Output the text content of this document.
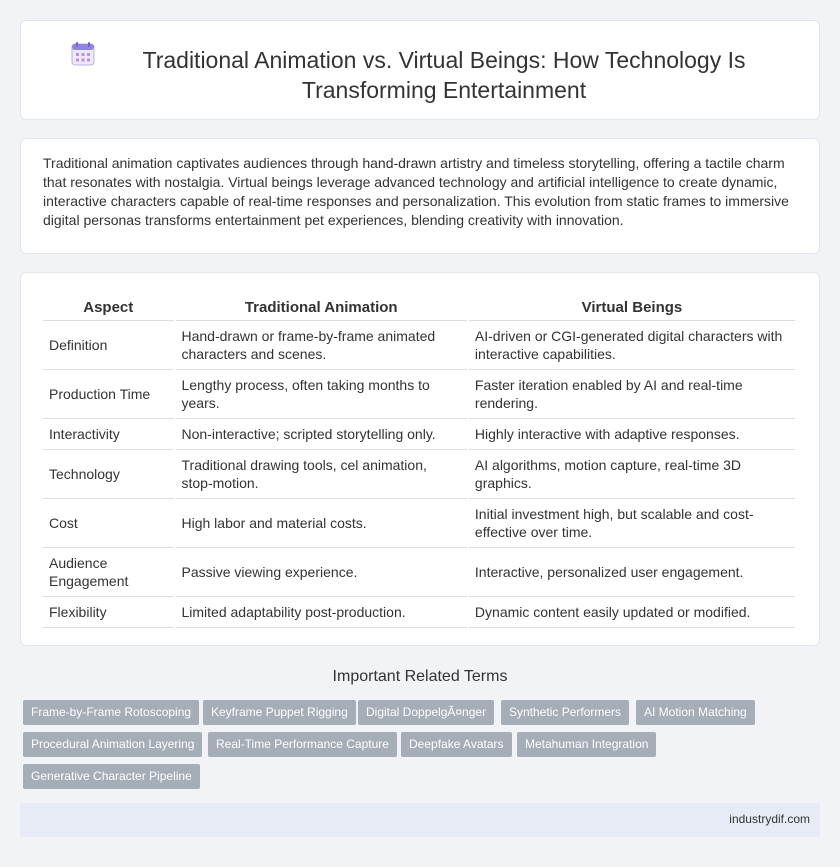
Traditional Animation vs. Virtual Beings: How Technology Is Transforming Entertainment

Traditional animation captivates audiences through hand-drawn artistry and timeless storytelling, offering a tactile charm that resonates with nostalgia. Virtual beings leverage advanced technology and artificial intelligence to create dynamic, interactive characters capable of real-time responses and personalization. This evolution from static frames to immersive digital personas transforms entertainment pet experiences, blending creativity with innovation.

Aspect	Traditional Animation	Virtual Beings
Definition	Hand-drawn or frame-by-frame animated characters and scenes.	AI-driven or CGI-generated digital characters with interactive capabilities.
Production Time	Lengthy process, often taking months to years.	Faster iteration enabled by AI and real-time rendering.
Interactivity	Non-interactive; scripted storytelling only.	Highly interactive with adaptive responses.
Technology	Traditional drawing tools, cel animation, stop-motion.	AI algorithms, motion capture, real-time 3D graphics.
Cost	High labor and material costs.	Initial investment high, but scalable and cost-effective over time.
Audience Engagement	Passive viewing experience.	Interactive, personalized user engagement.
Flexibility	Limited adaptability post-production.	Dynamic content easily updated or modified.
Important Related Terms
Frame-by-Frame Rotoscoping	Keyframe Puppet Rigging	Digital DoppelgÃ¤nger	Synthetic Performers	AI Motion Matching
Procedural Animation Layering	Real-Time Performance Capture	Deepfake Avatars	Metahuman Integration
Generative Character Pipeline
industrydif.com
